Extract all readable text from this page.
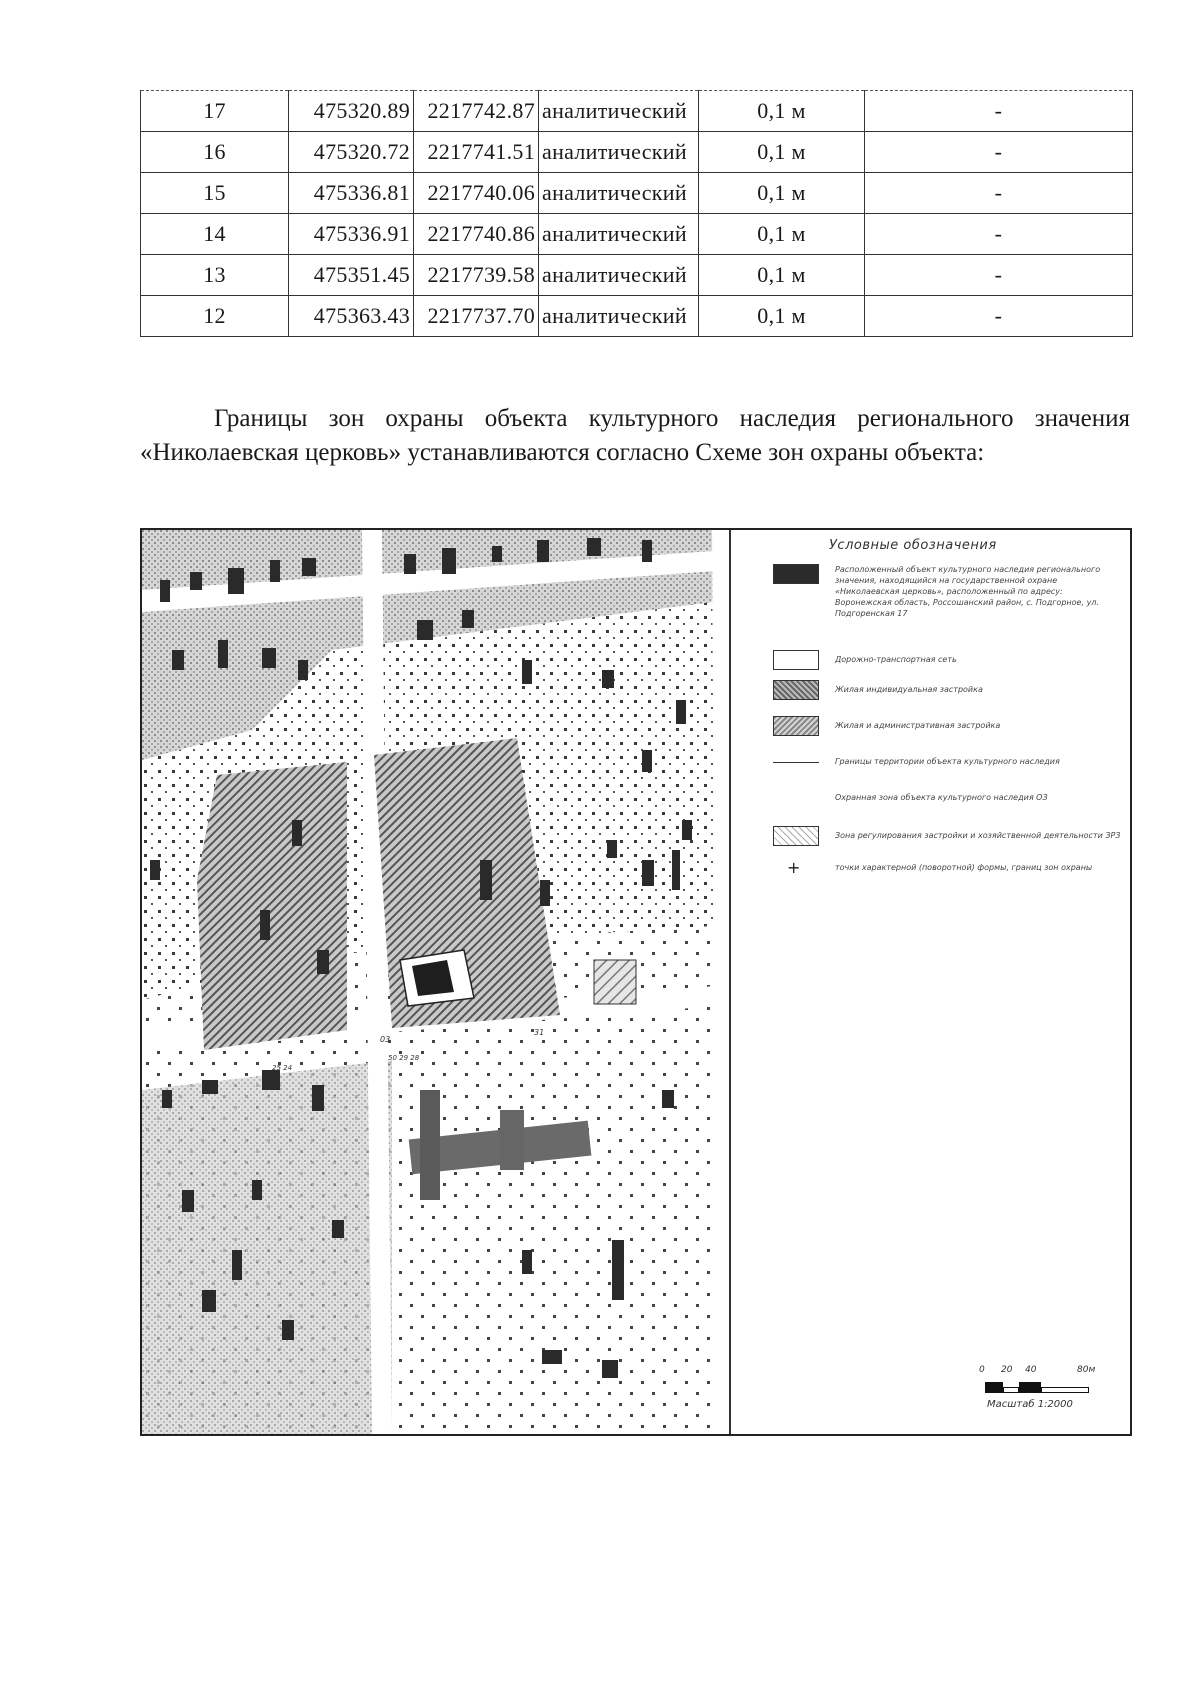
17	475320.89	2217742.87	аналитический	0,1 м	-
16	475320.72	2217741.51	аналитический	0,1 м	-
15	475336.81	2217740.06	аналитический	0,1 м	-
14	475336.91	2217740.86	аналитический	0,1 м	-
13	475351.45	2217739.58	аналитический	0,1 м	-
12	475363.43	2217737.70	аналитический	0,1 м	-

Границы зон охраны объекта культурного наследия регионального значения «Николаевская церковь» устанавливаются согласно Схеме зон охраны объекта:

03
31
50 29 28
25 24
Условные обозначения
Расположенный объект культурного наследия регионального значения, находящийся на государственной охране «Николаевская церковь», расположенный по адресу: Воронежская область, Россошанский район, с. Подгорное, ул. Подгоренская 17
Дорожно-транспортная сеть
Жилая индивидуальная застройка
Жилая и административная застройка
Границы территории объекта культурного наследия
Охранная зона объекта культурного наследия ОЗ
Зона регулирования застройки и хозяйственной деятельности ЗРЗ
+	точки характерной (поворотной) формы, границ зон охраны
0 20 40	80м
Масштаб 1:2000
